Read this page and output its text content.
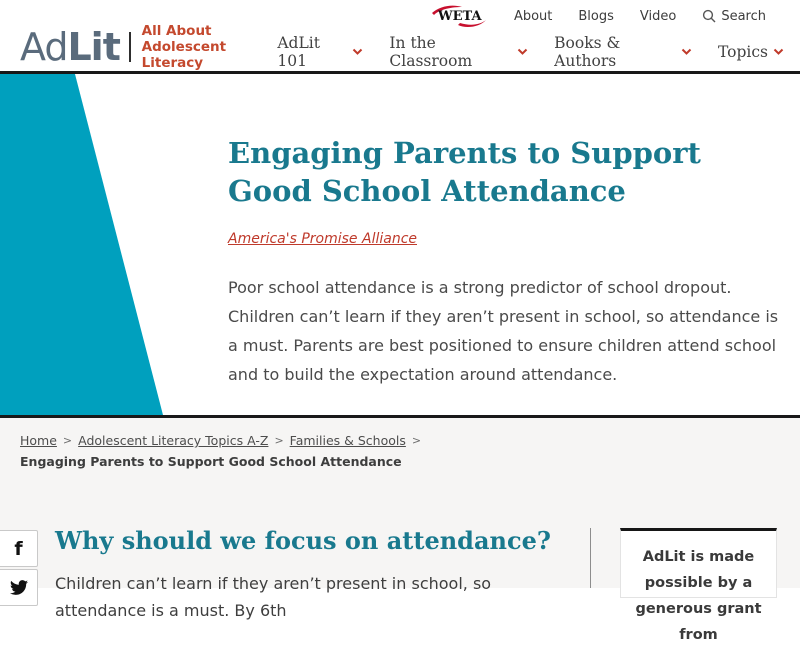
WETA About Blogs Video	Search
AdLit All About
Adolescent Literacy
AdLit 101
In the Classroom
Books & Authors	Topics
Engaging Parents to Support Good School Attendance
America's Promise Alliance

Poor school attendance is a strong predictor of school dropout. Children can’t learn if they aren’t present in school, so attendance is a must. Parents are best positioned to ensure children attend school and to build the expectation around attendance.

Home > Adolescent Literacy Topics A-Z > Families & Schools >
Engaging Parents to Support Good School Attendance
f Why should we focus on attendance?

Children can’t learn if they aren’t present in school, so attendance is a must. By 6th

AdLit is made possible by a generous grant from
